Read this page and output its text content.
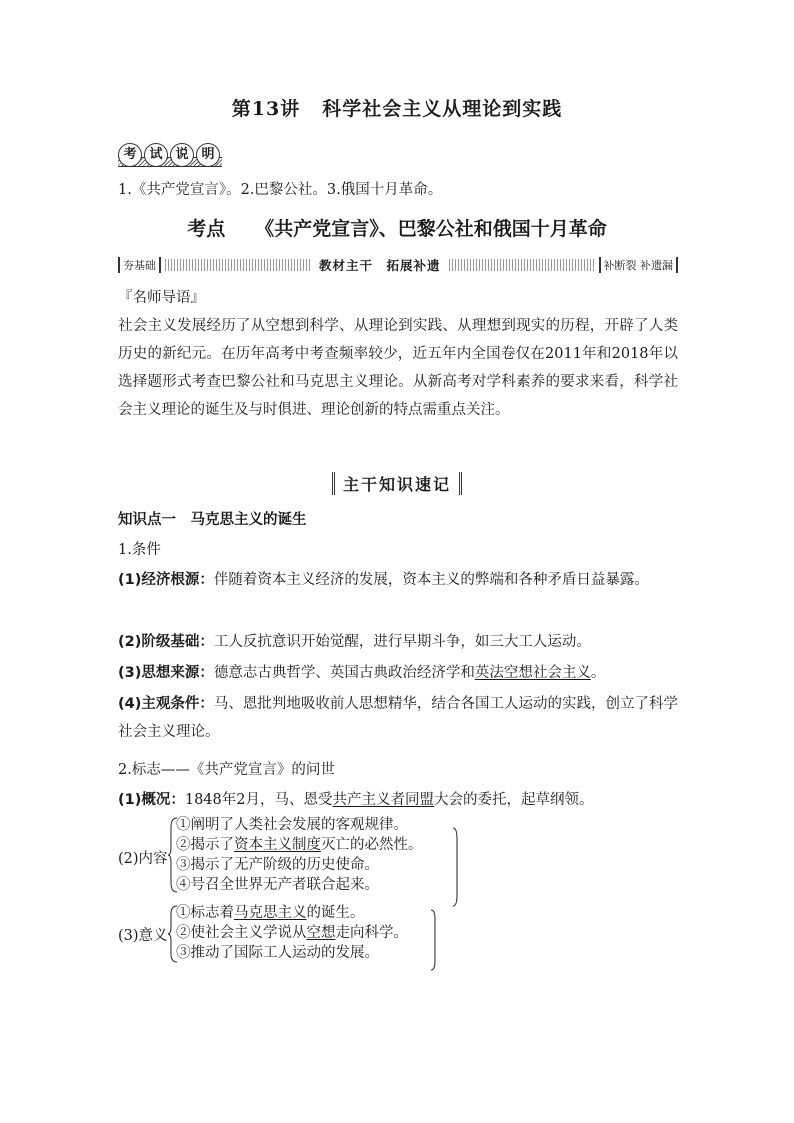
第13讲 科学社会主义从理论到实践
考 试 说 明
1.《共产党宣言》。2.巴黎公社。3.俄国十月革命。
考点 《共产党宣言》、巴黎公社和俄国十月革命
夯基础	教材主干　拓展补遗	补断裂 补遗漏
『名师导语』
社会主义发展经历了从空想到科学、从理论到实践、从理想到现实的历程，开辟了人类历史的新纪元。在历年高考中考查频率较少，近五年内全国卷仅在2011年和2018年以选择题形式考查巴黎公社和马克思主义理论。从新高考对学科素养的要求来看，科学社会主义理论的诞生及与时俱进、理论创新的特点需重点关注。
主干知识速记
知识点一　马克思主义的诞生
1.条件
(1)经济根源：伴随着资本主义经济的发展，资本主义的弊端和各种矛盾日益暴露。
(2)阶级基础：工人反抗意识开始觉醒，进行早期斗争，如三大工人运动。
(3)思想来源：德意志古典哲学、英国古典政治经济学和英法空想社会主义。
(4)主观条件：马、恩批判地吸收前人思想精华，结合各国工人运动的实践，创立了科学社会主义理论。
2.标志——《共产党宣言》的问世
(1)概况：1848年2月，马、恩受共产主义者同盟大会的委托，起草纲领。
(2)内容
①阐明了人类社会发展的客观规律。
②揭示了资本主义制度灭亡的必然性。
③揭示了无产阶级的历史使命。
④号召全世界无产者联合起来。
(3)意义
①标志着马克思主义的诞生。
②使社会主义学说从空想走向科学。
③推动了国际工人运动的发展。
